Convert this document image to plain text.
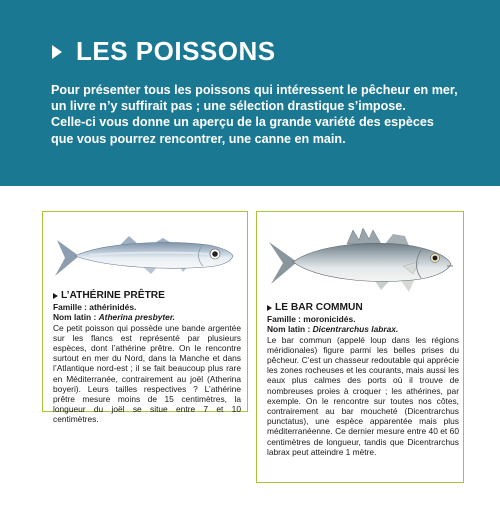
LES POISSONS

Pour présenter tous les poissons qui intéressent le pêcheur en mer,

un livre n’y suffirait pas ; une sélection drastique s’impose.

Celle-ci vous donne un aperçu de la grande variété des espèces

que vous pourrez rencontrer, une canne en main.

L’ATHÉRINE PRÊTRE
Famille : athérinidés.
Nom latin : Atherina presbyter.
Ce petit poisson qui possède une bande argentée sur les flancs est représenté par plusieurs espèces, dont l’athérine prêtre. On le rencontre surtout en mer du Nord, dans la Manche et dans l’Atlantique nord-est ; il se fait beaucoup plus rare en Méditerranée, contrairement au joël (Atherina boyeri). Leurs tailles respectives ? L’athérine prêtre mesure moins de 15 centimètres, la longueur du joël se situe entre 7 et 10 centimètres.
LE BAR COMMUN
Famille : moronicidés.
Nom latin : Dicentrarchus labrax.
Le bar commun (appelé loup dans les régions méridionales) figure parmi les belles prises du pêcheur. C’est un chasseur redoutable qui apprécie les zones rocheuses et les courants, mais aussi les eaux plus calmes des ports où il trouve de nombreuses proies à croquer ; les athérines, par exemple. On le rencontre sur toutes nos côtes, contrairement au bar moucheté (Dicentrarchus punctatus), une espèce apparentée mais plus méditerranéenne. Ce dernier mesure entre 40 et 60 centimètres de longueur, tandis que Dicentrarchus labrax peut atteindre 1 mètre.
